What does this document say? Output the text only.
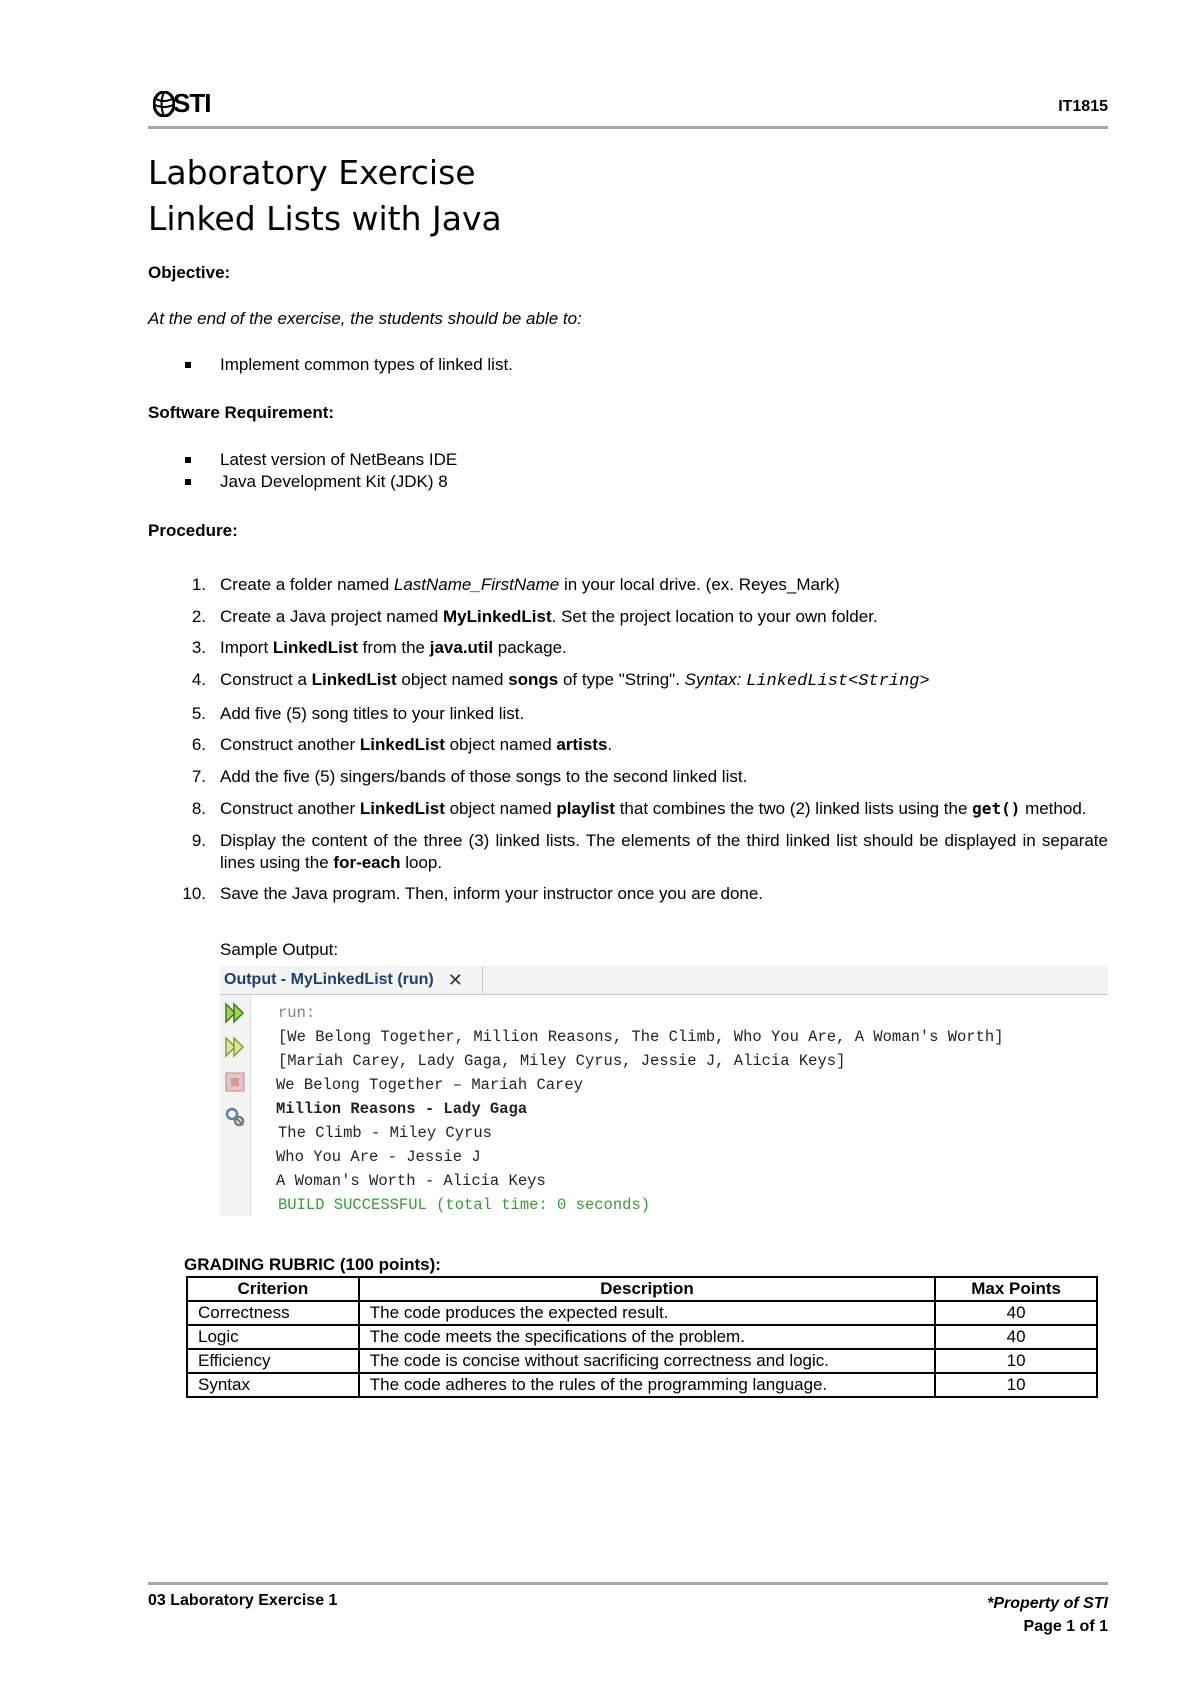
STI	IT1815
Laboratory Exercise
Linked Lists with Java
Objective:
At the end of the exercise, the students should be able to:
Implement common types of linked list.
Software Requirement:
Latest version of NetBeans IDE
Java Development Kit (JDK) 8
Procedure:
1. Create a folder named LastName_FirstName in your local drive. (ex. Reyes_Mark)
2. Create a Java project named MyLinkedList. Set the project location to your own folder.
3. Import LinkedList from the java.util package.
4. Construct a LinkedList object named songs of type "String". Syntax: LinkedList<String>
5. Add five (5) song titles to your linked list.
6. Construct another LinkedList object named artists.
7. Add the five (5) singers/bands of those songs to the second linked list.
8. Construct another LinkedList object named playlist that combines the two (2) linked lists using the get() method.
9. Display the content of the three (3) linked lists. The elements of the third linked list should be displayed in separate lines using the for-each loop.
10. Save the Java program. Then, inform your instructor once you are done.
Sample Output:
Output - MyLinkedList (run) ✕
run:
[We Belong Together, Million Reasons, The Climb, Who You Are, A Woman's Worth]
[Mariah Carey, Lady Gaga, Miley Cyrus, Jessie J, Alicia Keys]
We Belong Together – Mariah Carey
Million Reasons - Lady Gaga
The Climb - Miley Cyrus
Who You Are - Jessie J
A Woman's Worth - Alicia Keys
BUILD SUCCESSFUL (total time: 0 seconds)
GRADING RUBRIC (100 points):
Criterion	Description	Max Points
Correctness	The code produces the expected result.	40
Logic	The code meets the specifications of the problem.	40
Efficiency	The code is concise without sacrificing correctness and logic.	10
Syntax	The code adheres to the rules of the programming language.	10
03 Laboratory Exercise 1	*Property of STI
Page 1 of 1
